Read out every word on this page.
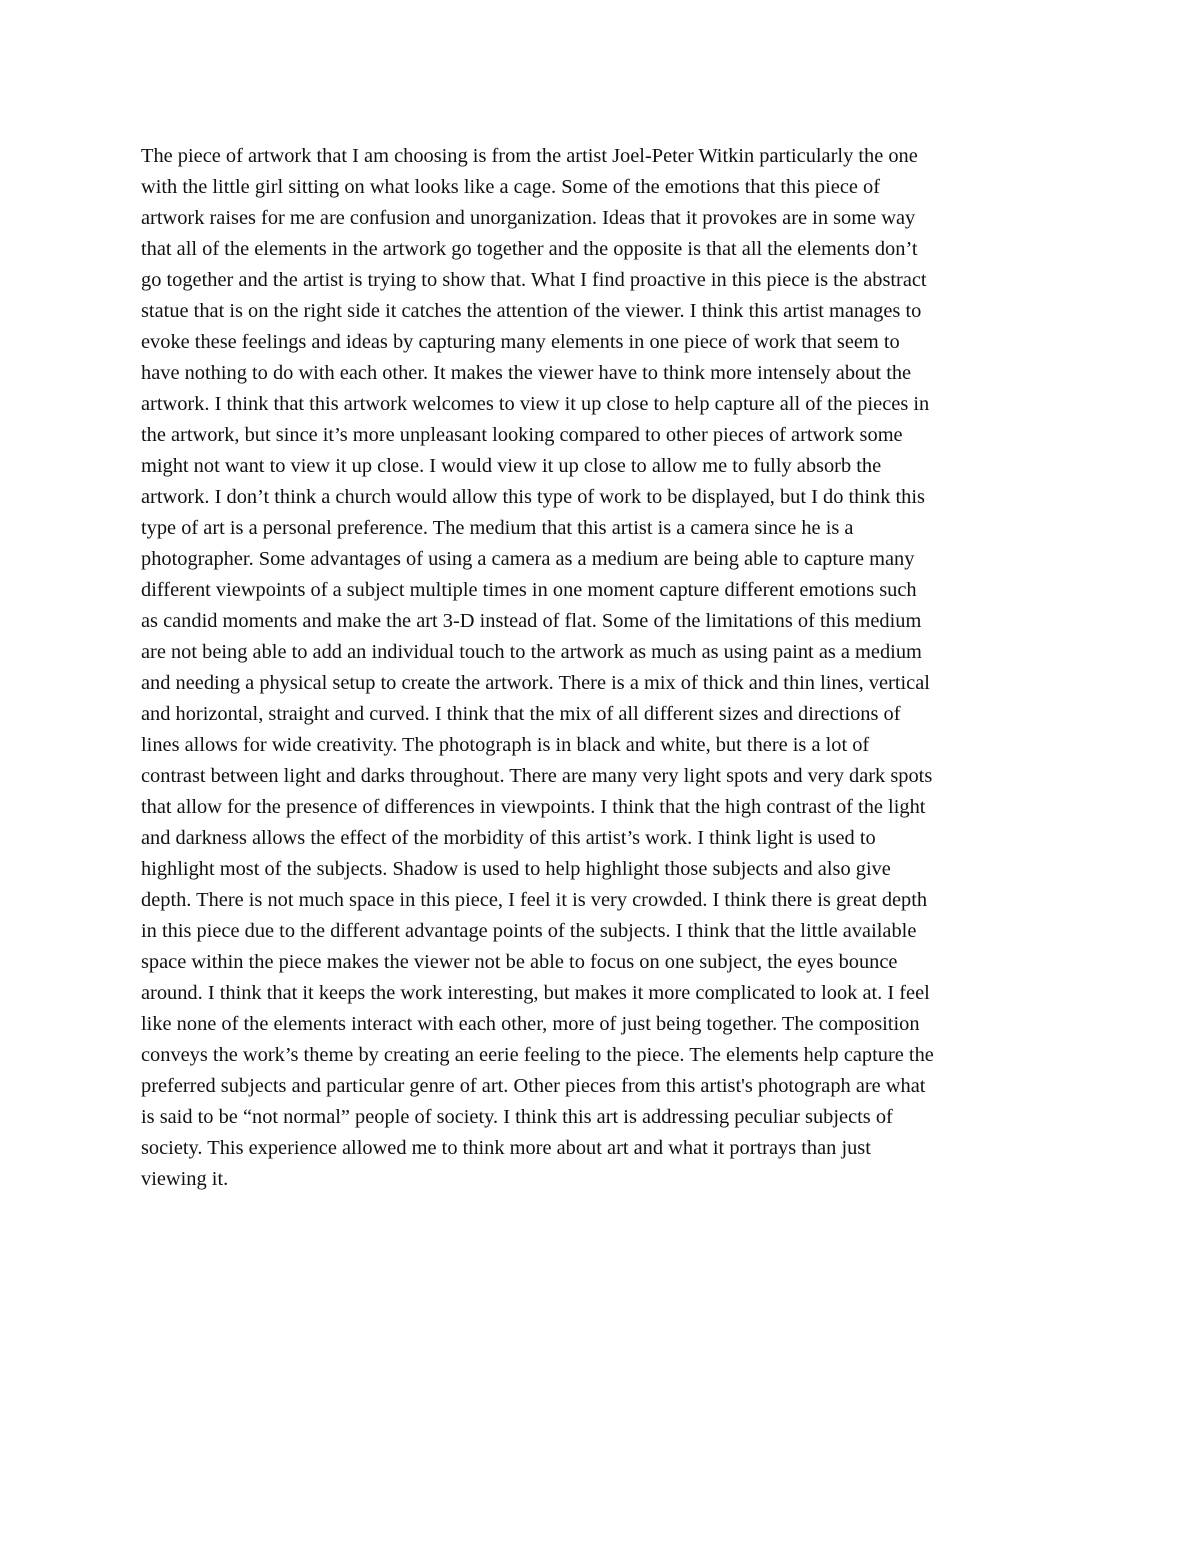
The piece of artwork that I am choosing is from the artist Joel-Peter Witkin particularly the one
with the little girl sitting on what looks like a cage. Some of the emotions that this piece of
artwork raises for me are confusion and unorganization. Ideas that it provokes are in some way
that all of the elements in the artwork go together and the opposite is that all the elements don’t
go together and the artist is trying to show that. What I find proactive in this piece is the abstract
statue that is on the right side it catches the attention of the viewer. I think this artist manages to
evoke these feelings and ideas by capturing many elements in one piece of work that seem to
have nothing to do with each other. It makes the viewer have to think more intensely about the
artwork. I think that this artwork welcomes to view it up close to help capture all of the pieces in
the artwork, but since it’s more unpleasant looking compared to other pieces of artwork some
might not want to view it up close. I would view it up close to allow me to fully absorb the
artwork. I don’t think a church would allow this type of work to be displayed, but I do think this
type of art is a personal preference. The medium that this artist is a camera since he is a
photographer. Some advantages of using a camera as a medium are being able to capture many
different viewpoints of a subject multiple times in one moment capture different emotions such
as candid moments and make the art 3-D instead of flat. Some of the limitations of this medium
are not being able to add an individual touch to the artwork as much as using paint as a medium
and needing a physical setup to create the artwork. There is a mix of thick and thin lines, vertical
and horizontal, straight and curved. I think that the mix of all different sizes and directions of
lines allows for wide creativity. The photograph is in black and white, but there is a lot of
contrast between light and darks throughout. There are many very light spots and very dark spots
that allow for the presence of differences in viewpoints. I think that the high contrast of the light
and darkness allows the effect of the morbidity of this artist’s work. I think light is used to
highlight most of the subjects. Shadow is used to help highlight those subjects and also give
depth. There is not much space in this piece, I feel it is very crowded. I think there is great depth
in this piece due to the different advantage points of the subjects. I think that the little available
space within the piece makes the viewer not be able to focus on one subject, the eyes bounce
around. I think that it keeps the work interesting, but makes it more complicated to look at. I feel
like none of the elements interact with each other, more of just being together. The composition
conveys the work’s theme by creating an eerie feeling to the piece. The elements help capture the
preferred subjects and particular genre of art. Other pieces from this artist's photograph are what
is said to be “not normal” people of society. I think this art is addressing peculiar subjects of
society. This experience allowed me to think more about art and what it portrays than just
viewing it.
